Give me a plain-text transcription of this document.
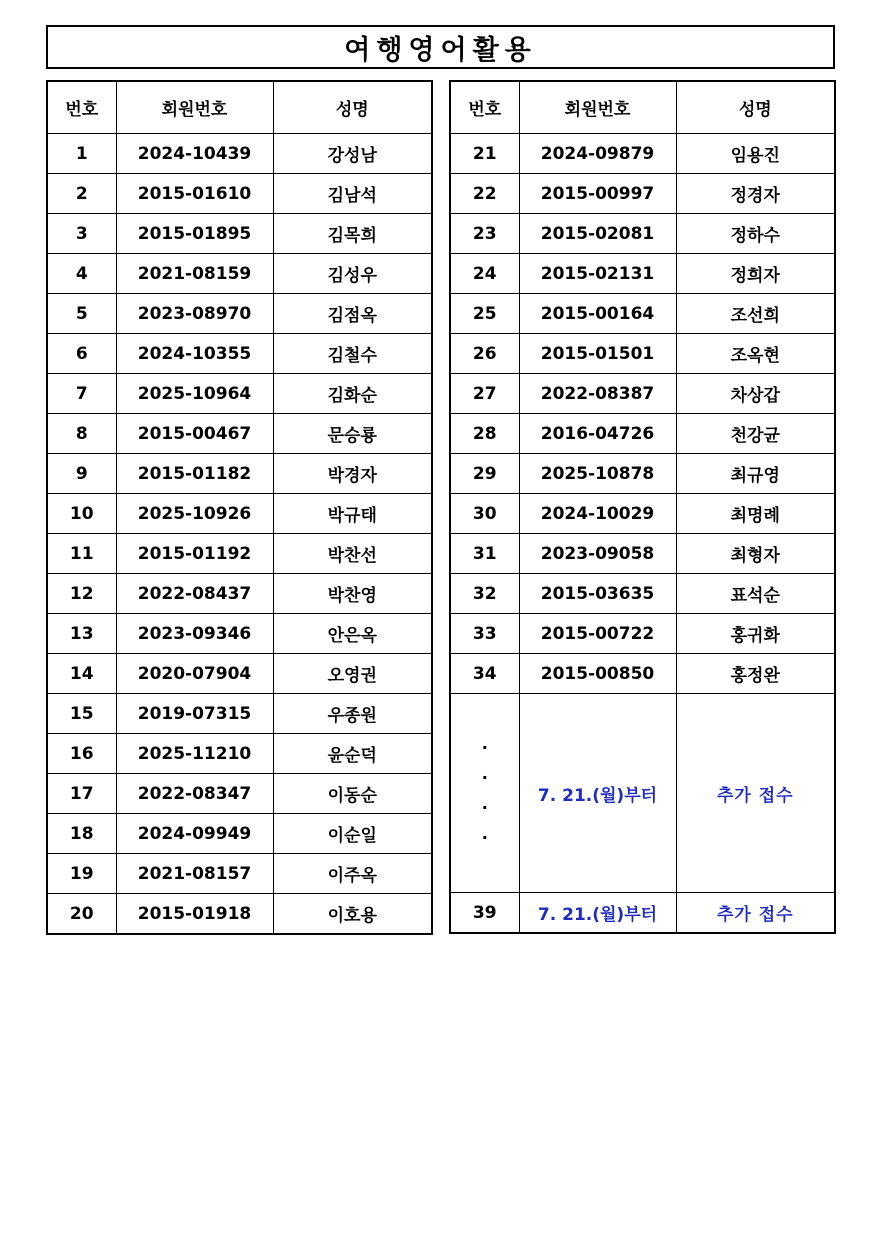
여행영어활용
번호	회원번호	성명
1	2024-10439	강성남
2	2015-01610	김남석
3	2015-01895	김목희
4	2021-08159	김성우
5	2023-08970	김점옥
6	2024-10355	김철수
7	2025-10964	김화순
8	2015-00467	문승룡
9	2015-01182	박경자
10	2025-10926	박규태
11	2015-01192	박찬선
12	2022-08437	박찬영
13	2023-09346	안은옥
14	2020-07904	오영권
15	2019-07315	우종원
16	2025-11210	윤순덕
17	2022-08347	이동순
18	2024-09949	이순일
19	2021-08157	이주옥
20	2015-01918	이호용
번호	회원번호	성명
21	2024-09879	임용진
22	2015-00997	정경자
23	2015-02081	정하수
24	2015-02131	정희자
25	2015-00164	조선희
26	2015-01501	조옥현
27	2022-08387	차상갑
28	2016-04726	천강균
29	2025-10878	최규영
30	2024-10029	최명례
31	2023-09058	최형자
32	2015-03635	표석순
33	2015-00722	홍귀화
34	2015-00850	홍정완

·
·
·
·	7. 21.(월)부터	추가 접수
39	7. 21.(월)부터	추가 접수
